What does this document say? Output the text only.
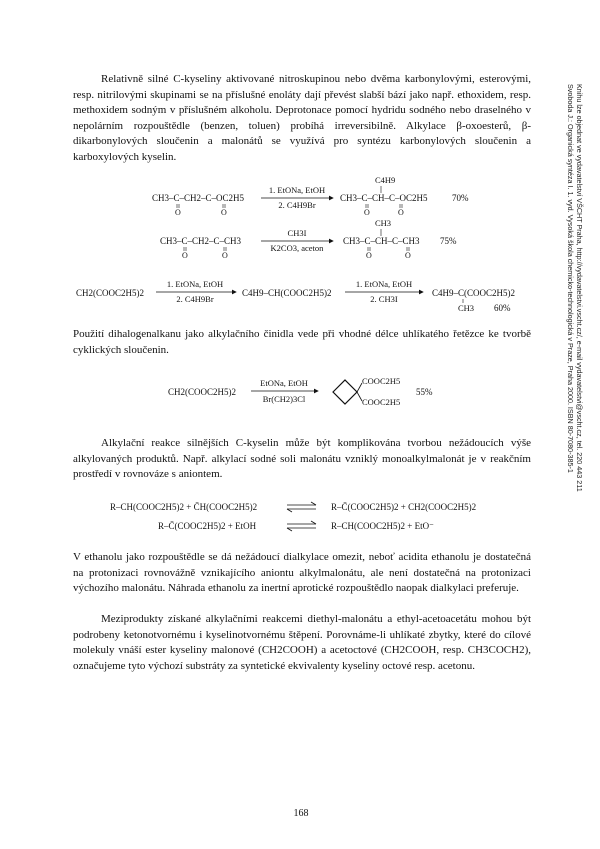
Svoboda J.: Organická syntéza I. 1. vyd. Vysoká škola chemicko-technologická v Praze, Praha 2000. ISBN 80-7080-385-1 Knihu lze objednat ve vydavatelství VŠCHT Praha, http://vydavatelstvi.vscht.cz/, e-mail vydavatelstvi@vscht.cz, tel. 220 443 211

Relativně silné C-kyseliny aktivované nitroskupinou nebo dvěma karbonylovými, esterovými, resp. nitrilovými skupinami se na příslušné enoláty dají převést slabší bází jako např. ethoxidem, resp. methoxidem sodným v příslušném alkoholu. Deprotonace pomocí hydridu sodného nebo draselného v nepolárním rozpouštědle (benzen, toluen) probíhá irreversibilně. Alkylace β-oxoesterů, β-dikarbonylových sloučenin a malonátů se využívá pro syntézu karbonylových sloučenin a karboxylových kyselin.

CH3–C–CH2–C–OC2H5
O	O
1. EtONa, EtOH
2. C4H9Br
C4H9
CH3–C–CH–C–OC2H5
O	O
70%
CH3–C–CH2–C–CH3
O	O
CH3I
K2CO3, aceton
CH3
CH3–C–CH–C–CH3
O	O
75%
CH2(COOC2H5)2
1. EtONa, EtOH
2. C4H9Br
C4H9–CH(COOC2H5)2
1. EtONa, EtOH
2. CH3I
C4H9–C(COOC2H5)2
CH3 60%
CH2(COOC2H5)2
EtONa, EtOH
Br(CH2)3Cl
COOC2H5
COOC2H5
55%
R–CH(COOC2H5)2 + C̄H(COOC2H5)2	R–C̄(COOC2H5)2 + CH2(COOC2H5)2
R–C̄(COOC2H5)2 + EtOH	R–CH(COOC2H5)2 + EtO⁻

Použití dihalogenalkanu jako alkylačního činidla vede při vhodné délce uhlíkatého řetězce ke tvorbě cyklických sloučenin.

Alkylační reakce silnějších C-kyselin může být komplikována tvorbou nežádoucích výše alkylovaných produktů. Např. alkylací sodné soli malonátu vzniklý monoalkylmalonát je v reakčním prostředí v rovnováze s aniontem.

V ethanolu jako rozpouštědle se dá nežádoucí dialkylace omezit, neboť acidita ethanolu je dostatečná na protonizaci rovnovážně vznikajícího aniontu alkylmalonátu, ale není dostatečná na protonizaci výchozího malonátu. Náhrada ethanolu za inertní aprotické rozpouštědlo naopak dialkylaci preferuje.

Meziprodukty získané alkylačními reakcemi diethyl-malonátu a ethyl-acetoacetátu mohou být podrobeny ketonotvornému i kyselinotvornému štěpení. Porovnáme-li uhlíkaté zbytky, které do cílové molekuly vnáší ester kyseliny malonové (CH2COOH) a acetoctové (CH2COOH, resp. CH3COCH2), označujeme tyto výchozí substráty za syntetické ekvivalenty kyseliny octové resp. acetonu.

168
